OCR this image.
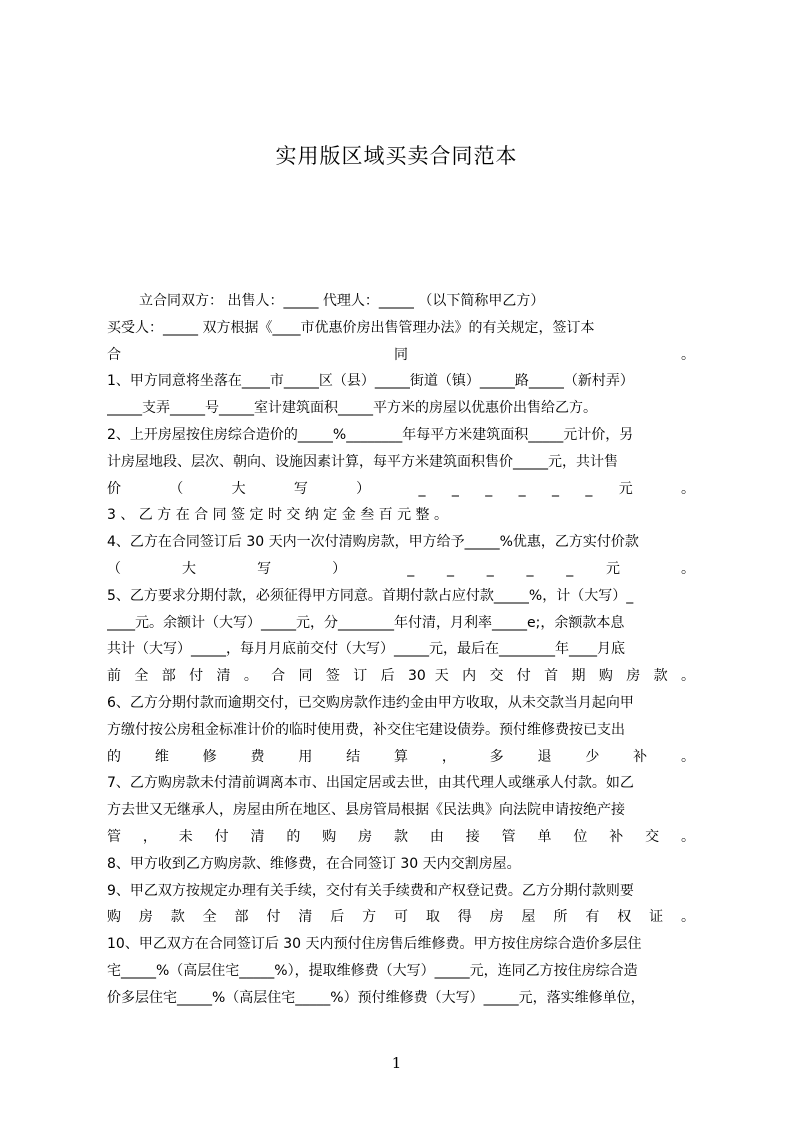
实用版区域买卖合同范本
立合同双方： 出售人：_____ 代理人：_____ （以下简称甲乙方）
买受人：_____ 双方根据《____市优惠价房出售管理办法》的有关规定，签订本
合 同 。
1、甲方同意将坐落在____市_____区（县）_____街道（镇）_____路_____（新村弄）
_____支弄_____号_____室计建筑面积_____平方米的房屋以优惠价出售给乙方。
2、上开房屋按住房综合造价的_____%________年每平方米建筑面积_____元计价，另
计房屋地段、层次、朝向、设施因素计算，每平方米建筑面积售价_____元，共计售
价 （ 大 写 ） _ _ _ _ _ _ 元 。
3 、 乙 方 在 合 同 签 定 时 交 纳 定 金 叁 百 元 整 。
4、乙方在合同签订后 30 天内一次付清购房款，甲方给予_____%优惠，乙方实付价款
（ 大 写 ） _ _ _ _ _ 元 。
5、乙方要求分期付款，必须征得甲方同意。首期付款占应付款_____%，计（大写）_
____元。余额计（大写）_____元，分________年付清，月利率_____e;，余额款本息
共计（大写）_____，每月月底前交付（大写）_____元，最后在________年____月底
前 全 部 付 清 。 合 同 签 订 后 30 天 内 交 付 首 期 购 房 款 。
6、乙方分期付款而逾期交付，已交购房款作违约金由甲方收取，从未交款当月起向甲
方缴付按公房租金标准计价的临时使用费，补交住宅建设债券。预付维修费按已支出
的 维 修 费 用 结 算 ， 多 退 少 补 。
7、乙方购房款未付清前调离本市、出国定居或去世，由其代理人或继承人付款。如乙
方去世又无继承人，房屋由所在地区、县房管局根据《民法典》向法院申请按绝产接
管 ， 未 付 清 的 购 房 款 由 接 管 单 位 补 交 。
8、甲方收到乙方购房款、维修费，在合同签订 30 天内交割房屋。
9、甲乙双方按规定办理有关手续，交付有关手续费和产权登记费。乙方分期付款则要
购 房 款 全 部 付 清 后 方 可 取 得 房 屋 所 有 权 证 。
10、甲乙双方在合同签订后 30 天内预付住房售后维修费。甲方按住房综合造价多层住
宅_____%（高层住宅_____%），提取维修费（大写）_____元，连同乙方按住房综合造
价多层住宅_____%（高层住宅_____%）预付维修费（大写）_____元，落实维修单位，
1
